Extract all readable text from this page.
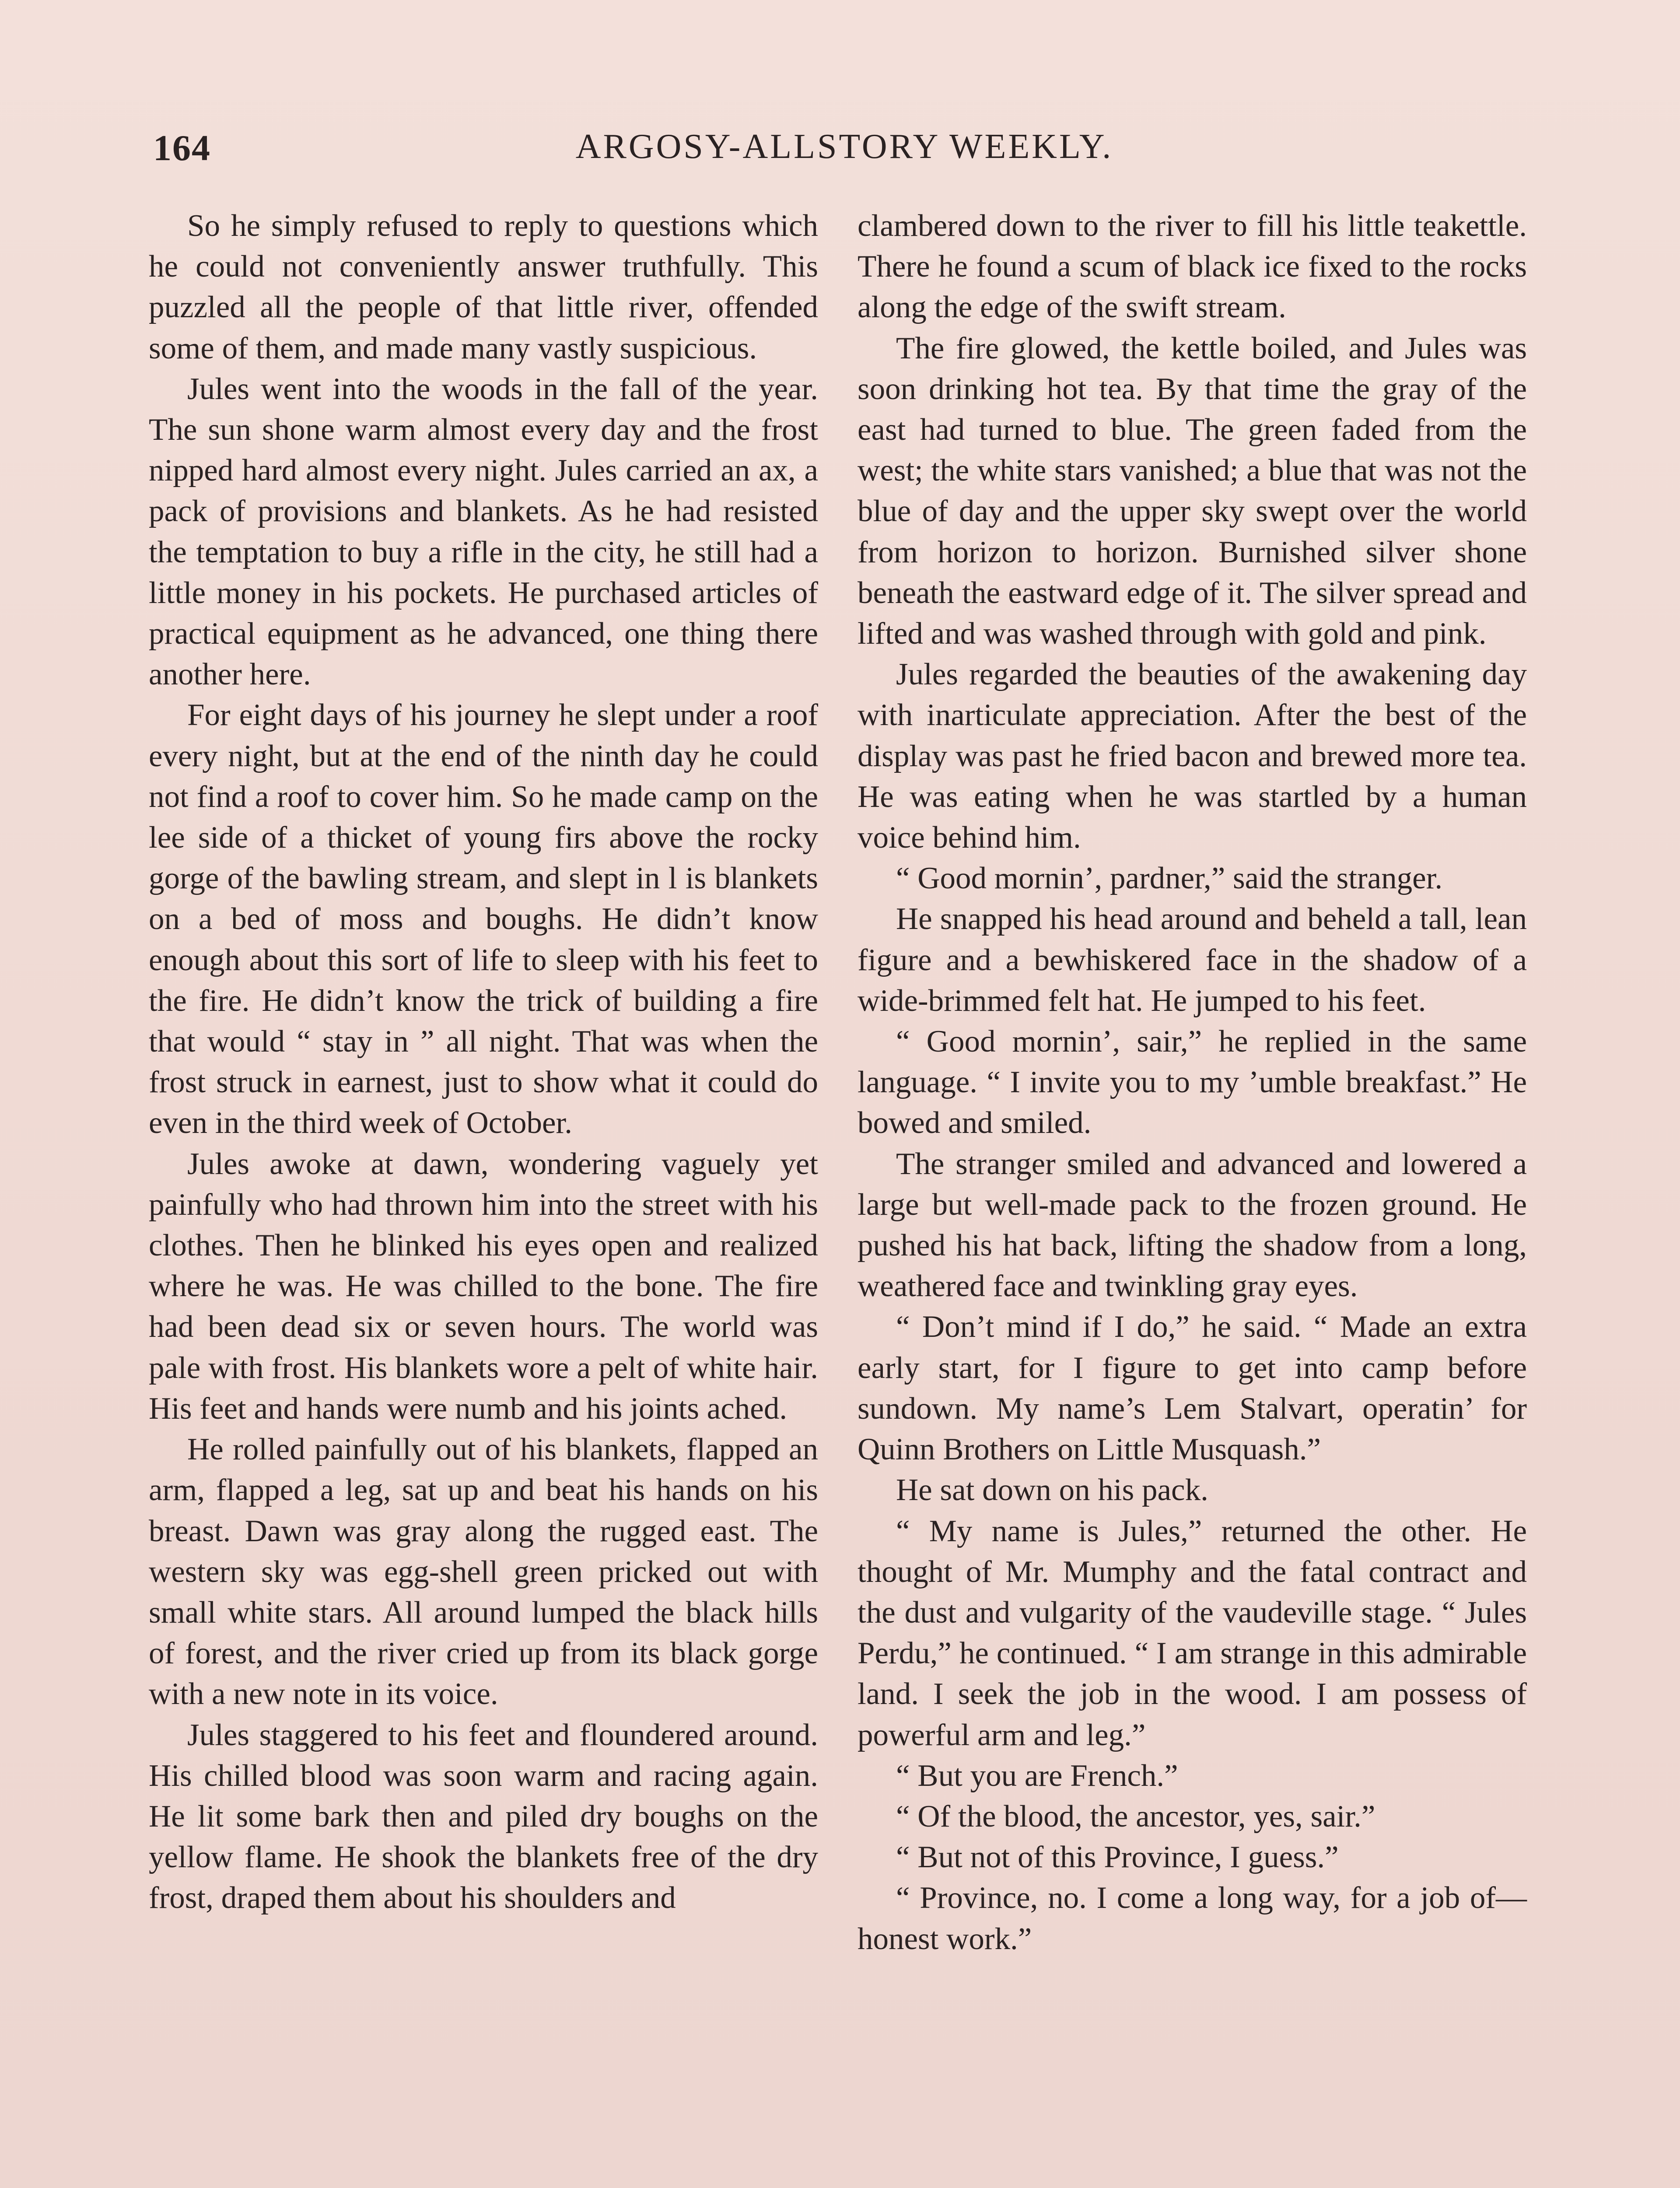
164	ARGOSY-ALLSTORY WEEKLY.

So he simply refused to reply to questions which he could not conveniently answer truthfully. This puzzled all the people of that little river, offended some of them, and made many vastly suspicious.

Jules went into the woods in the fall of the year. The sun shone warm almost every day and the frost nipped hard almost every night. Jules carried an ax, a pack of provisions and blankets. As he had resisted the temptation to buy a rifle in the city, he still had a little money in his pockets. He purchased articles of practical equipment as he advanced, one thing there another here.

For eight days of his journey he slept under a roof every night, but at the end of the ninth day he could not find a roof to cover him. So he made camp on the lee side of a thicket of young firs above the rocky gorge of the bawling stream, and slept in l is blankets on a bed of moss and boughs. He didn’t know enough about this sort of life to sleep with his feet to the fire. He didn’t know the trick of building a fire that would “ stay in ” all night. That was when the frost struck in earnest, just to show what it could do even in the third week of October.

Jules awoke at dawn, wondering vaguely yet painfully who had thrown him into the street with his clothes. Then he blinked his eyes open and realized where he was. He was chilled to the bone. The fire had been dead six or seven hours. The world was pale with frost. His blankets wore a pelt of white hair. His feet and hands were numb and his joints ached.

He rolled painfully out of his blankets, flapped an arm, flapped a leg, sat up and beat his hands on his breast. Dawn was gray along the rugged east. The western sky was egg-shell green pricked out with small white stars. All around lumped the black hills of forest, and the river cried up from its black gorge with a new note in its voice.

Jules staggered to his feet and floundered around. His chilled blood was soon warm and racing again. He lit some bark then and piled dry boughs on the yellow flame. He shook the blankets free of the dry frost, draped them about his shoulders and

clambered down to the river to fill his little teakettle. There he found a scum of black ice fixed to the rocks along the edge of the swift stream.

The fire glowed, the kettle boiled, and Jules was soon drinking hot tea. By that time the gray of the east had turned to blue. The green faded from the west; the white stars vanished; a blue that was not the blue of day and the upper sky swept over the world from horizon to horizon. Burnished silver shone beneath the eastward edge of it. The silver spread and lifted and was washed through with gold and pink.

Jules regarded the beauties of the awakening day with inarticulate appreciation. After the best of the display was past he fried bacon and brewed more tea. He was eating when he was startled by a human voice behind him.

“ Good mornin’, pardner,” said the stranger.

He snapped his head around and beheld a tall, lean figure and a bewhiskered face in the shadow of a wide-brimmed felt hat. He jumped to his feet.

“ Good mornin’, sair,” he replied in the same language. “ I invite you to my ’umble breakfast.” He bowed and smiled.

The stranger smiled and advanced and lowered a large but well-made pack to the frozen ground. He pushed his hat back, lifting the shadow from a long, weathered face and twinkling gray eyes.

“ Don’t mind if I do,” he said. “ Made an extra early start, for I figure to get into camp before sundown. My name’s Lem Stalvart, operatin’ for Quinn Brothers on Little Musquash.”

He sat down on his pack.

“ My name is Jules,” returned the other. He thought of Mr. Mumphy and the fatal contract and the dust and vulgarity of the vaudeville stage. “ Jules Perdu,” he continued. “ I am strange in this admirable land. I seek the job in the wood. I am possess of powerful arm and leg.”

“ But you are French.”

“ Of the blood, the ancestor, yes, sair.”

“ But not of this Province, I guess.”

“ Province, no. I come a long way, for a job of—honest work.”
